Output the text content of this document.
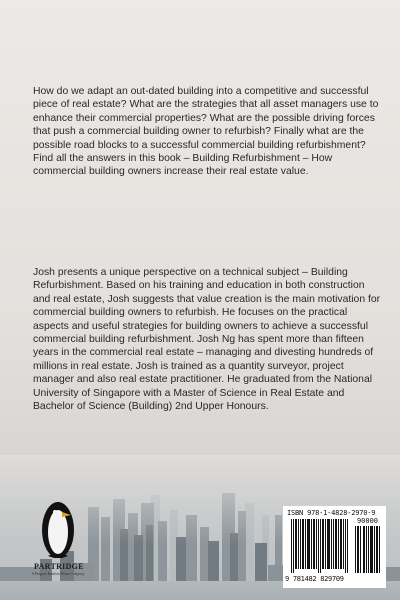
How do we adapt an out-dated building into a competitive and successful piece of real estate? What are the strategies that all asset managers use to enhance their commercial properties? What are the possible driving forces that push a commercial building owner to refurbish? Finally what are the possible road blocks to a successful commercial building refurbishment? Find all the answers in this book – Building Refurbishment – How commercial building owners increase their real estate value.

Josh presents a unique perspective on a technical subject – Building Refurbishment. Based on his training and education in both construction and real estate, Josh suggests that value creation is the main motivation for commercial building owners to refurbish. He focuses on the practical aspects and useful strategies for building owners to achieve a successful commercial building refurbishment. Josh Ng has spent more than fifteen years in the commercial real estate – managing and divesting hundreds of millions in real estate. Josh is trained as a quantity surveyor, project manager and also real estate practitioner. He graduated from the National University of Singapore with a Master of Science in Real Estate and Bachelor of Science (Building) 2nd Upper Honours.

PARTRIDGE
A Penguin Random House Company
ISBN 978-1-4828-2970-9
90000
9 781482 829709
